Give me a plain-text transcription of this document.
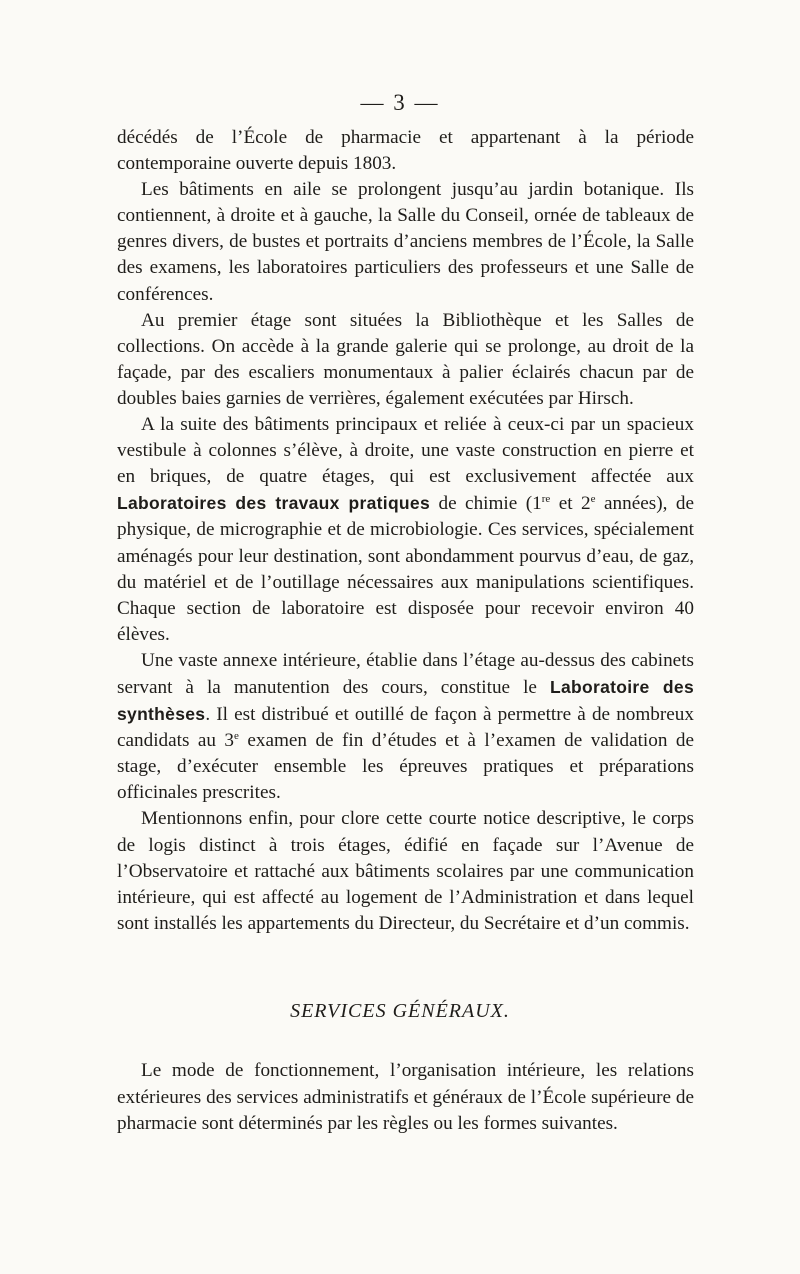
— 3 —

décédés de l’École de pharmacie et appartenant à la période contemporaine ouverte depuis 1803.

Les bâtiments en aile se prolongent jusqu’au jardin botanique. Ils contiennent, à droite et à gauche, la Salle du Conseil, ornée de tableaux de genres divers, de bustes et portraits d’anciens membres de l’École, la Salle des examens, les laboratoires particuliers des professeurs et une Salle de conférences.

Au premier étage sont situées la Bibliothèque et les Salles de collections. On accède à la grande galerie qui se prolonge, au droit de la façade, par des escaliers monumentaux à palier éclairés chacun par de doubles baies garnies de verrières, également exécutées par Hirsch.

A la suite des bâtiments principaux et reliée à ceux-ci par un spacieux vestibule à colonnes s’élève, à droite, une vaste construction en pierre et en briques, de quatre étages, qui est exclusivement affectée aux Laboratoires des travaux pratiques de chimie (1re et 2e années), de physique, de micrographie et de microbiologie. Ces services, spécialement aménagés pour leur destination, sont abondamment pourvus d’eau, de gaz, du matériel et de l’outillage nécessaires aux manipulations scientifiques. Chaque section de laboratoire est disposée pour recevoir environ 40 élèves.

Une vaste annexe intérieure, établie dans l’étage au-dessus des cabinets servant à la manutention des cours, constitue le Laboratoire des synthèses. Il est distribué et outillé de façon à permettre à de nombreux candidats au 3e examen de fin d’études et à l’examen de validation de stage, d’exécuter ensemble les épreuves pratiques et préparations officinales prescrites.

Mentionnons enfin, pour clore cette courte notice descriptive, le corps de logis distinct à trois étages, édifié en façade sur l’Avenue de l’Observatoire et rattaché aux bâtiments scolaires par une communication intérieure, qui est affecté au logement de l’Administration et dans lequel sont installés les appartements du Directeur, du Secrétaire et d’un commis.

SERVICES GÉNÉRAUX.

Le mode de fonctionnement, l’organisation intérieure, les relations extérieures des services administratifs et généraux de l’École supérieure de pharmacie sont déterminés par les règles ou les formes suivantes.
